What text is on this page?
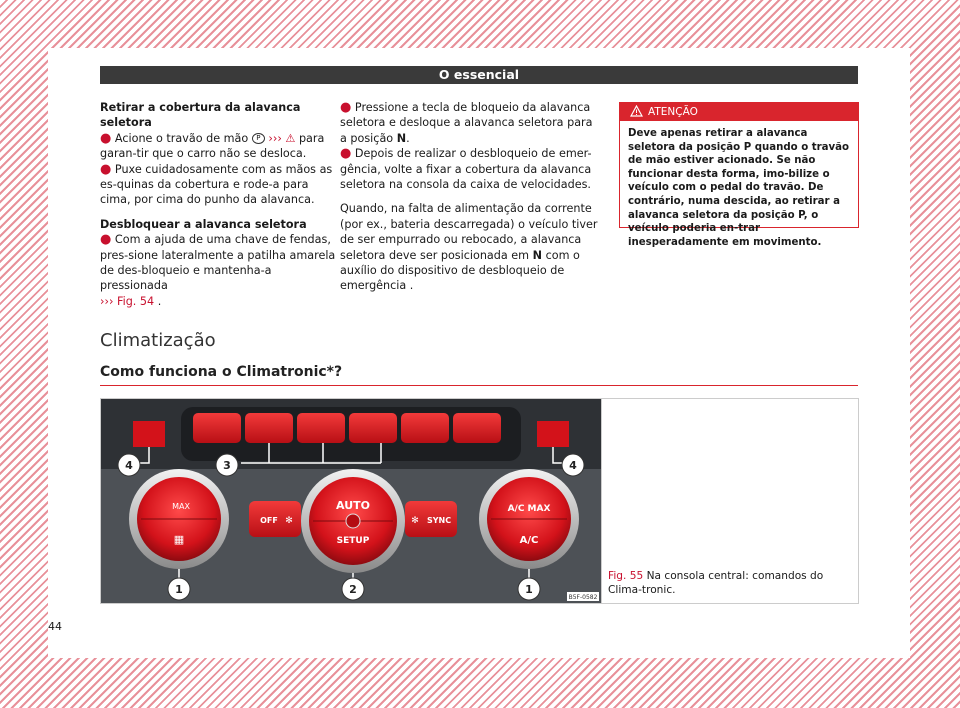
O essencial

Retirar a cobertura da alavanca seletora

● Acione o travão de mão P ››› ⚠ para garan-tir que o carro não se desloca.

● Puxe cuidadosamente com as mãos as es-quinas da cobertura e rode-a para cima, por cima do punho da alavanca.

Desbloquear a alavanca seletora

● Com a ajuda de uma chave de fendas, pres-sione lateralmente a patilha amarela de des-bloqueio e mantenha-a pressionada
››› Fig. 54 .

● Pressione a tecla de bloqueio da alavanca seletora e desloque a alavanca seletora para a posição N.

● Depois de realizar o desbloqueio de emer-gência, volte a fixar a cobertura da alavanca seletora na consola da caixa de velocidades.

Quando, na falta de alimentação da corrente (por ex., bateria descarregada) o veículo tiver de ser empurrado ou rebocado, a alavanca seletora deve ser posicionada em N com o auxílio do dispositivo de desbloqueio de emergência .

ATENÇÃO
Deve apenas retirar a alavanca seletora da posição P quando o travão de mão estiver acionado. Se não funcionar desta forma, imo-bilize o veículo com o pedal do travão. De contrário, numa descida, ao retirar a alavanca seletora da posição P, o veículo poderia en-trar inesperadamente em movimento.
Climatização
Como funciona o Climatronic*?
MAX
▦
AUTO
SETUP
A/C MAX
A/C
OFF ✻	✻ SYNC
1	2	1
3
4	4
B5F-0582
Fig. 55 Na consola central: comandos do Clima-tronic.
44
